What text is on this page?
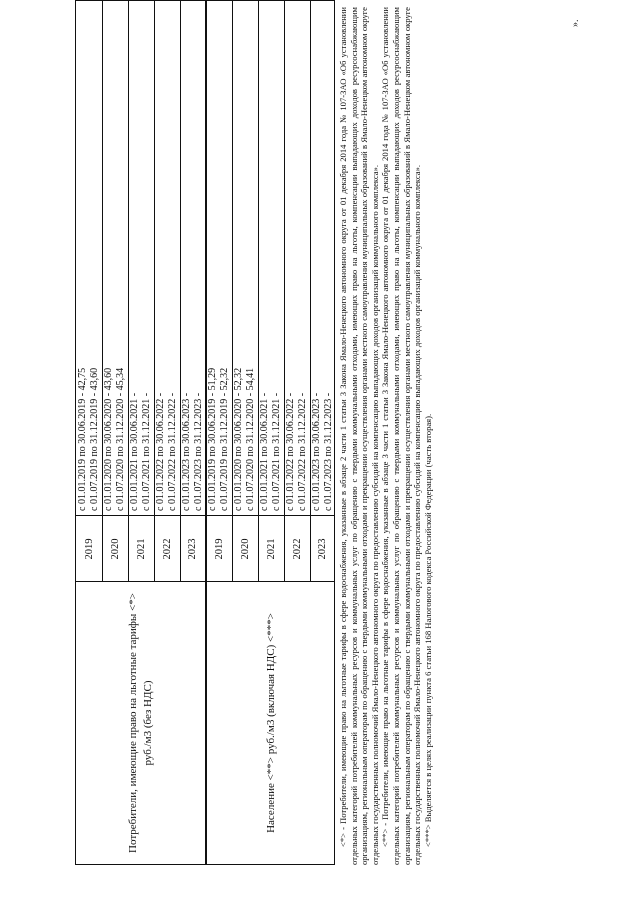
Потребители, имеющие право на льготные тарифы <*> руб./м3 (без НДС)
2019 2020 2021 2022 2023
с 01.01.2019 по 30.06.2019 - 42,75 с 01.07.2019 по 31.12.2019 - 43,60 с 01.01.2020 по 30.06.2020 - 43,60 с 01.07.2020 по 31.12.2020 - 45,34 с 01.01.2021 по 30.06.2021 - с 01.07.2021 по 31.12.2021 - с 01.01.2022 по 30.06.2022 - с 01.07.2022 по 31.12.2022 - с 01.01.2023 по 30.06.2023 - с 01.07.2023 по 31.12.2023 -
Население <**> руб./м3 (включая НДС) <***>
2019 2020 2021 2022 2023
с 01.01.2019 по 30.06.2019 - 51,29 с 01.07.2019 по 31.12.2019 - 52,32 с 01.01.2020 по 30.06.2020 - 52,32 с 01.07.2020 по 31.12.2020 - 54,41 с 01.01.2021 по 30.06.2021 - с 01.07.2021 по 31.12.2021 - с 01.01.2022 по 30.06.2022 - с 01.07.2022 по 31.12.2022 - с 01.01.2023 по 30.06.2023 - с 01.07.2023 по 31.12.2023 - <*> - Потребители, имеющие право на льготные тарифы в сфере водоснабжения, указанные в абзаце 2 части 1 статьи 3 Закона Ямало-Ненецкого автономного округа от 01 декабря 2014 года № 107-ЗАО «Об установлении отдельных категорий потребителей коммунальных ресурсов и коммунальных услуг по обращению с твердыми коммунальными отходами, имеющих право на льготы, компенсации выпадающих доходов ресурсоснабжающим организациям, региональным операторам по обращению с твердыми коммунальными отходами и прекращении осуществления органами местного самоуправления муниципальных образований в Ямало-Ненецком автономном округе отдельных государственных полномочий Ямало-Ненецкого автономного округа по предоставлению субсидий на компенсацию выпадающих доходов организаций коммунального комплекса». <**> - Потребители, имеющие право на льготные тарифы в сфере водоснабжения, указанные в абзаце 3 части 1 статьи 3 Закона Ямало-Ненецкого автономного округа от 01 декабря 2014 года № 107-ЗАО «Об установлении отдельных категорий потребителей коммунальных ресурсов и коммунальных услуг по обращению с твердыми коммунальными отходами, имеющих право на льготы, компенсации выпадающих доходов ресурсоснабжающим организациям, региональным операторам по обращению с твердыми коммунальными отходами и прекращении осуществления органами местного самоуправления муниципальных образований в Ямало-Ненецком автономном округе отдельных государственных полномочий Ямало-Ненецкого автономного округа по предоставлению субсидий на компенсацию выпадающих доходов организаций коммунального комплекса». <***> Выделяется в целях реализации пункта 6 статьи 168 Налогового кодекса Российской Федерации (часть вторая).

».
